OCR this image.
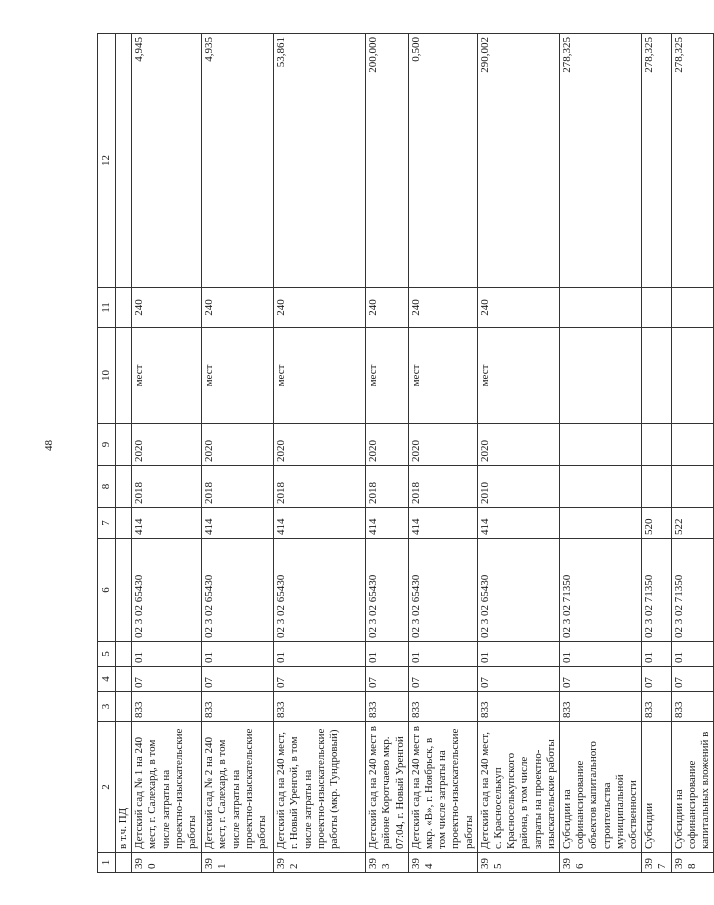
48
1	2	3	4	5	6	7	8	9	10	11	12
	в т.ч. ПД										
390	Детский сад № 1 на 240 мест, г. Салехард, в том числе затраты на проектно-изыскательские работы	833	07	01	02 3 02 65430	414	2018	2020	мест	240	4,945
391	Детский сад № 2 на 240 мест, г. Салехард, в том числе затраты на проектно-изыскательские работы	833	07	01	02 3 02 65430	414	2018	2020	мест	240	4,935
392	Детский сад на 240 мест, г. Новый Уренгой, в том числе затраты на проектно-изыскательские работы (мкр. Тундровый)	833	07	01	02 3 02 65430	414	2018	2020	мест	240	53,861
393	Детский сад на 240 мест в районе Коротчаево мкр. 07:04, г. Новый Уренгой	833	07	01	02 3 02 65430	414	2018	2020	мест	240	200,000
394	Детский сад на 240 мест в мкр. «В», г. Ноябрьск, в том числе затраты на проектно-изыскательские работы	833	07	01	02 3 02 65430	414	2018	2020	мест	240	0,500
395	Детский сад на 240 мест, с. Красноселькуп Красноселькупского района, в том числе затраты на проектно-изыскательские работы	833	07	01	02 3 02 65430	414	2010	2020	мест	240	290,002
396	Субсидии на софинансирование объектов капитального строительства муниципальной собственности	833	07	01	02 3 02 71350						278,325
397	Субсидии	833	07	01	02 3 02 71350	520					278,325
398	Субсидии на софинансирование капитальных вложений в	833	07	01	02 3 02 71350	522					278,325
